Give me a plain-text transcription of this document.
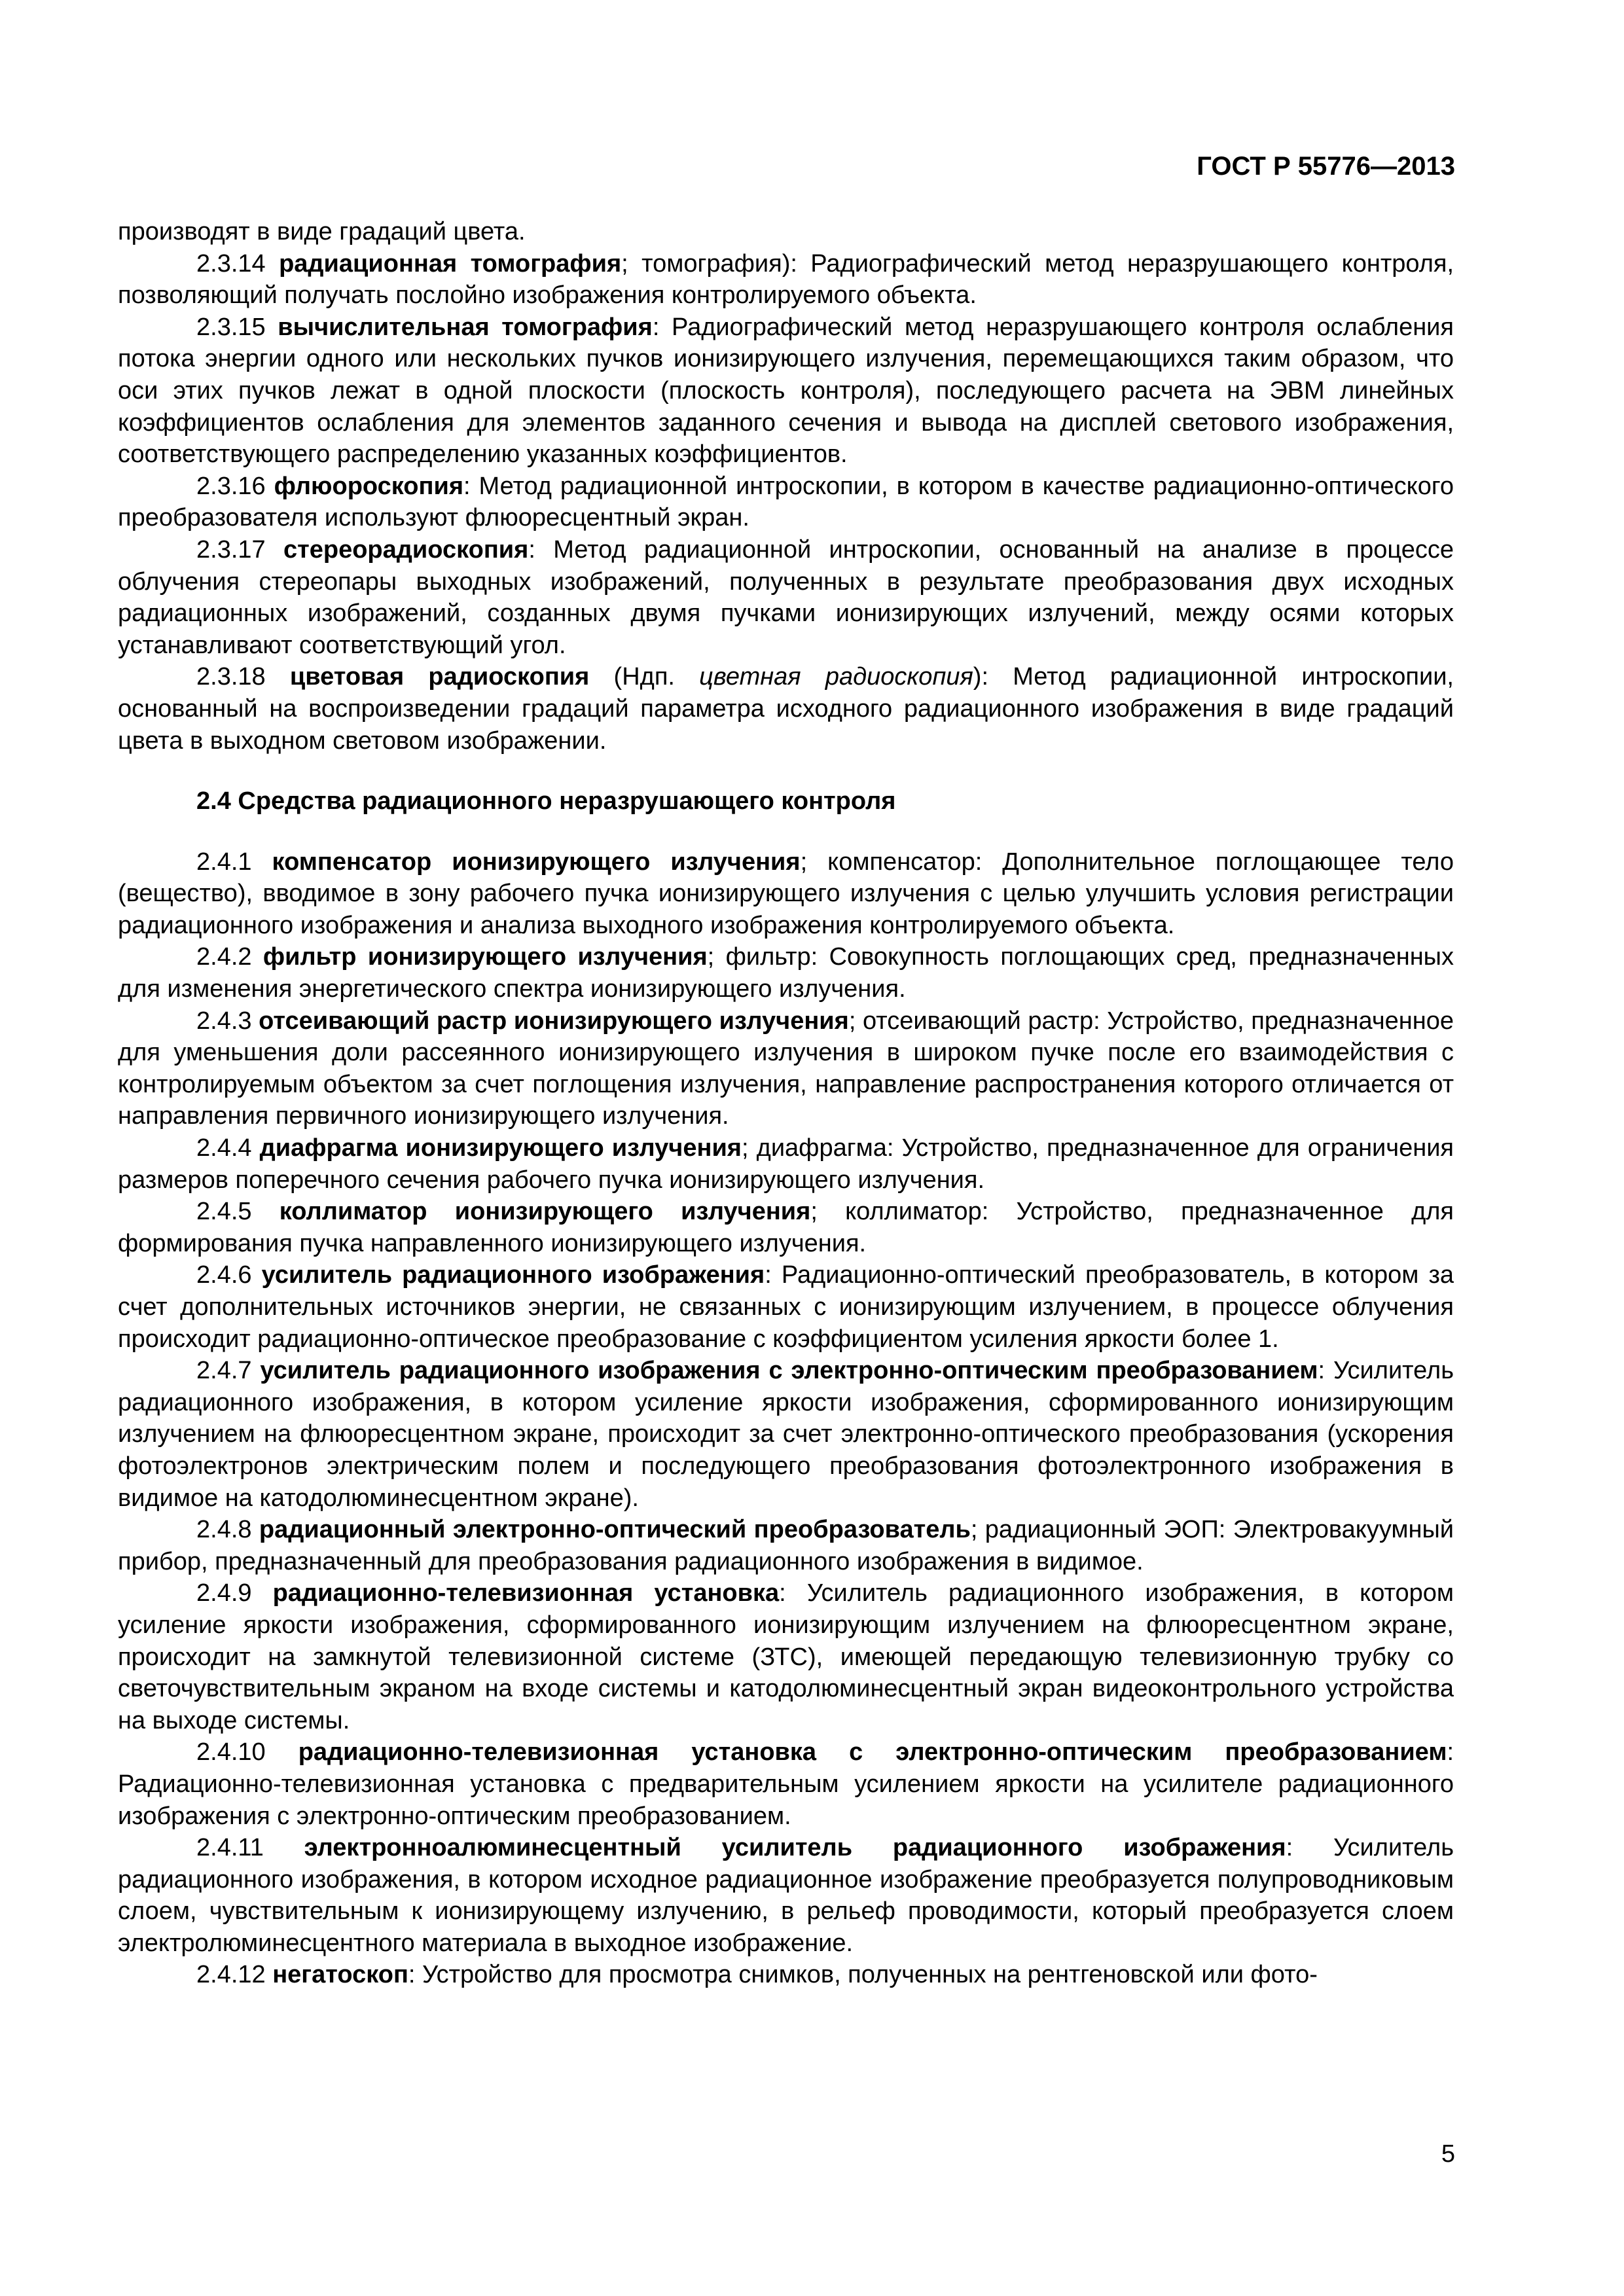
ГОСТ Р 55776—2013

производят в виде градаций цвета.

2.3.14 радиационная томография; томография): Радиографический метод неразрушающего контроля, позволяющий получать послойно изображения контролируемого объекта.

2.3.15 вычислительная томография: Радиографический метод неразрушающего контроля ослабления потока энергии одного или нескольких пучков ионизирующего излучения, перемещающихся таким образом, что оси этих пучков лежат в одной плоскости (плоскость контроля), последующего расчета на ЭВМ линейных коэффициентов ослабления для элементов заданного сечения и вывода на дисплей светового изображения, соответствующего распределению указанных коэффициентов.

2.3.16 флюороскопия: Метод радиационной интроскопии, в котором в качестве радиационно-оптического преобразователя используют флюоресцентный экран.

2.3.17 стереорадиоскопия: Метод радиационной интроскопии, основанный на анализе в процессе облучения стереопары выходных изображений, полученных в результате преобразования двух исходных радиационных изображений, созданных двумя пучками ионизирующих излучений, между осями которых устанавливают соответствующий угол.

2.3.18 цветовая радиоскопия (Ндп. цветная радиоскопия): Метод радиационной интроскопии, основанный на воспроизведении градаций параметра исходного радиационного изображения в виде градаций цвета в выходном световом изображении.

2.4 Средства радиационного неразрушающего контроля

2.4.1 компенсатор ионизирующего излучения; компенсатор: Дополнительное поглощающее тело (вещество), вводимое в зону рабочего пучка ионизирующего излучения с целью улучшить условия регистрации радиационного изображения и анализа выходного изображения контролируемого объекта.

2.4.2 фильтр ионизирующего излучения; фильтр: Совокупность поглощающих сред, предназначенных для изменения энергетического спектра ионизирующего излучения.

2.4.3 отсеивающий растр ионизирующего излучения; отсеивающий растр: Устройство, предназначенное для уменьшения доли рассеянного ионизирующего излучения в широком пучке после его взаимодействия с контролируемым объектом за счет поглощения излучения, направление распространения которого отличается от направления первичного ионизирующего излучения.

2.4.4 диафрагма ионизирующего излучения; диафрагма: Устройство, предназначенное для ограничения размеров поперечного сечения рабочего пучка ионизирующего излучения.

2.4.5 коллиматор ионизирующего излучения; коллиматор: Устройство, предназначенное для формирования пучка направленного ионизирующего излучения.

2.4.6 усилитель радиационного изображения: Радиационно-оптический преобразователь, в котором за счет дополнительных источников энергии, не связанных с ионизирующим излучением, в процессе облучения происходит радиационно-оптическое преобразование с коэффициентом усиления яркости более 1.

2.4.7 усилитель радиационного изображения с электронно-оптическим преобразованием: Усилитель радиационного изображения, в котором усиление яркости изображения, сформированного ионизирующим излучением на флюоресцентном экране, происходит за счет электронно-оптического преобразования (ускорения фотоэлектронов электрическим полем и последующего преобразования фотоэлектронного изображения в видимое на катодолюминесцентном экране).

2.4.8 радиационный электронно-оптический преобразователь; радиационный ЭОП: Электровакуумный прибор, предназначенный для преобразования радиационного изображения в видимое.

2.4.9 радиационно-телевизионная установка: Усилитель радиационного изображения, в котором усиление яркости изображения, сформированного ионизирующим излучением на флюоресцентном экране, происходит на замкнутой телевизионной системе (ЗТС), имеющей передающую телевизионную трубку со светочувствительным экраном на входе системы и катодолюминесцентный экран видеоконтрольного устройства на выходе системы.

2.4.10 радиационно-телевизионная установка с электронно-оптическим преобразованием: Радиационно-телевизионная установка с предварительным усилением яркости на усилителе радиационного изображения с электронно-оптическим преобразованием.

2.4.11 электронноалюминесцентный усилитель радиационного изображения: Усилитель радиационного изображения, в котором исходное радиационное изображение преобразуется полупроводниковым слоем, чувствительным к ионизирующему излучению, в рельеф проводимости, который преобразуется слоем электролюминесцентного материала в выходное изображение.

2.4.12 негатоскоп: Устройство для просмотра снимков, полученных на рентгеновской или фото-

5
